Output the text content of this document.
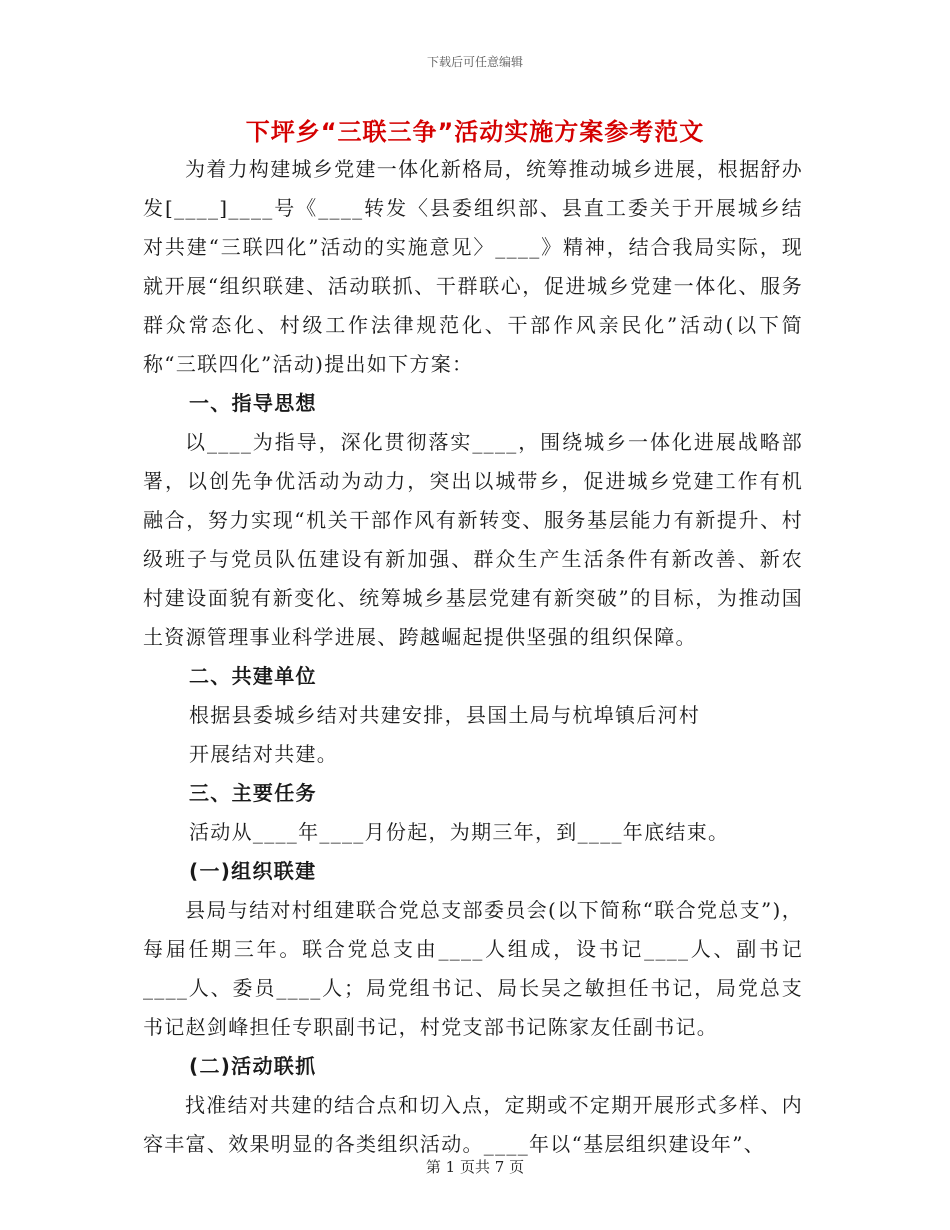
下载后可任意编辑
下坪乡“三联三争”活动实施方案参考范文

为着力构建城乡党建一体化新格局，统筹推动城乡进展，根据舒办发[____]____号《____转发〈县委组织部、县直工委关于开展城乡结对共建“三联四化”活动的实施意见〉____》精神，结合我局实际，现就开展“组织联建、活动联抓、干群联心，促进城乡党建一体化、服务群众常态化、村级工作法律规范化、干部作风亲民化”活动(以下简称“三联四化”活动)提出如下方案：

一、指导思想

以____为指导，深化贯彻落实____，围绕城乡一体化进展战略部署，以创先争优活动为动力，突出以城带乡，促进城乡党建工作有机融合，努力实现“机关干部作风有新转变、服务基层能力有新提升、村级班子与党员队伍建设有新加强、群众生产生活条件有新改善、新农村建设面貌有新变化、统筹城乡基层党建有新突破”的目标，为推动国土资源管理事业科学进展、跨越崛起提供坚强的组织保障。

二、共建单位

根据县委城乡结对共建安排，县国土局与杭埠镇后河村

开展结对共建。

三、主要任务

活动从____年____月份起，为期三年，到____年底结束。

(一)组织联建

县局与结对村组建联合党总支部委员会(以下简称“联合党总支”)，每届任期三年。联合党总支由____人组成，设书记____人、副书记____人、委员____人；局党组书记、局长吴之敏担任书记，局党总支书记赵剑峰担任专职副书记，村党支部书记陈家友任副书记。

(二)活动联抓

找准结对共建的结合点和切入点，定期或不定期开展形式多样、内容丰富、效果明显的各类组织活动。____年以“基层组织建设年”、

第 1 页共 7 页
